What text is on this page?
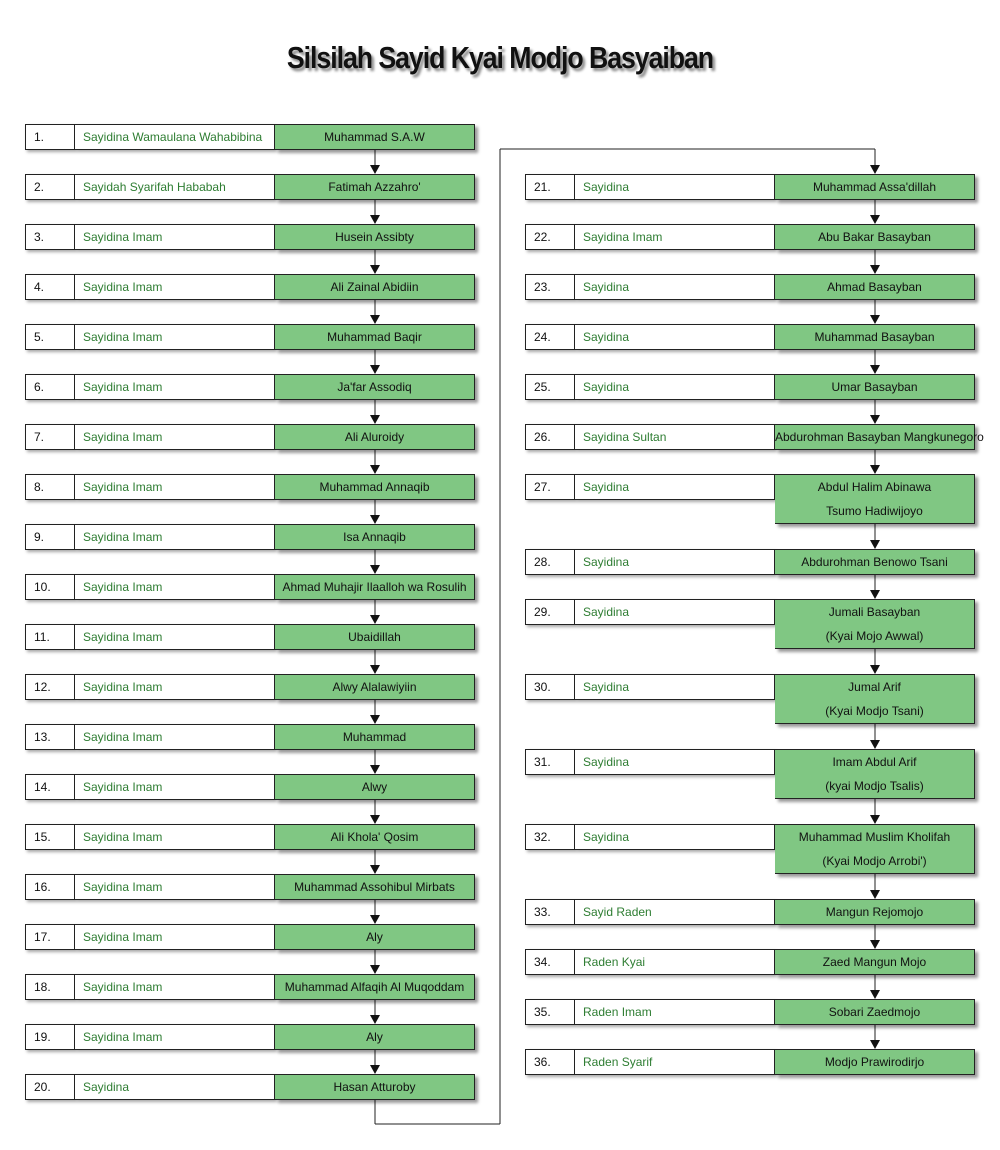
Silsilah Sayid Kyai Modjo Basyaiban
1.	Sayidina Wamaulana Wahabibina	Muhammad S.A.W
2.	Sayidah Syarifah Hababah	Fatimah Azzahro'
3.	Sayidina Imam	Husein Assibty
4.	Sayidina Imam	Ali Zainal Abidiin
5.	Sayidina Imam	Muhammad Baqir
6.	Sayidina Imam	Ja'far Assodiq
7.	Sayidina Imam	Ali Aluroidy
8.	Sayidina Imam	Muhammad Annaqib
9.	Sayidina Imam	Isa Annaqib
10.	Sayidina Imam	Ahmad Muhajir Ilaalloh wa Rosulih
11.	Sayidina Imam	Ubaidillah
12.	Sayidina Imam	Alwy Alalawiyiin
13.	Sayidina Imam	Muhammad
14.	Sayidina Imam	Alwy
15.	Sayidina Imam	Ali Khola' Qosim
16.	Sayidina Imam	Muhammad Assohibul Mirbats
17.	Sayidina Imam	Aly
18.	Sayidina Imam	Muhammad Alfaqih Al Muqoddam
19.	Sayidina Imam	Aly
20.	Sayidina	Hasan Atturoby
21.	Sayidina	Muhammad Assa'dillah
22.	Sayidina Imam	Abu Bakar Basayban
23.	Sayidina	Ahmad Basayban
24.	Sayidina	Muhammad Basayban
25.	Sayidina	Umar Basayban
26.	Sayidina Sultan	Abdurohman Basayban Mangkunegoro
27.	Sayidina	Abdul Halim Abinawa
Tsumo Hadiwijoyo
28.	Sayidina	Abdurohman Benowo Tsani
29.	Sayidina	Jumali Basayban
(Kyai Mojo Awwal)
30.	Sayidina	Jumal Arif
(Kyai Modjo Tsani)
31.	Sayidina	Imam Abdul Arif
(kyai Modjo Tsalis)
32.	Sayidina	Muhammad Muslim Kholifah
(Kyai Modjo Arrobi')
33.	Sayid Raden	Mangun Rejomojo
34.	Raden Kyai	Zaed Mangun Mojo
35.	Raden Imam	Sobari Zaedmojo
36.	Raden Syarif	Modjo Prawirodirjo
